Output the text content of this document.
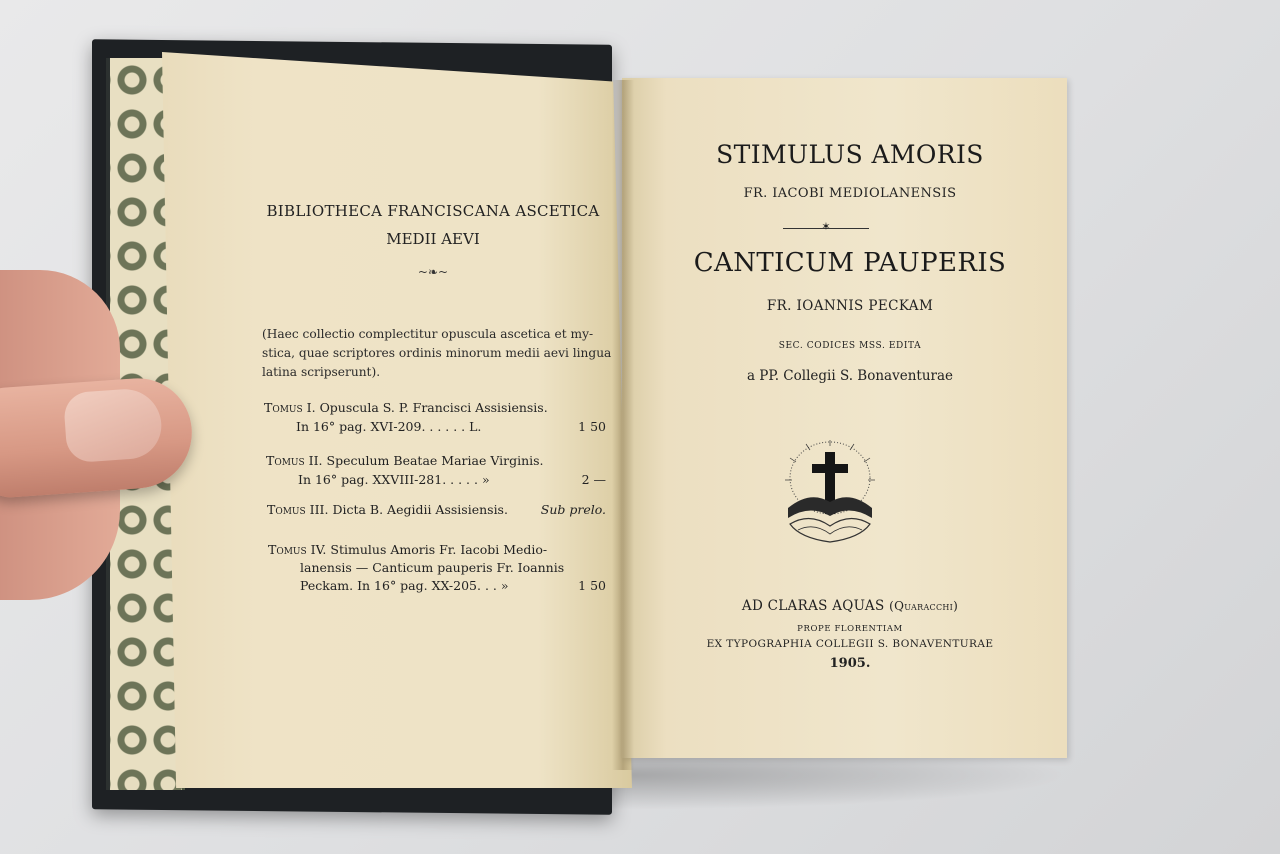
BIBLIOTHECA FRANCISCANA ASCETICA
MEDII AEVI
~❧~
(Haec collectio complectitur opuscula ascetica et my-
stica, quae scriptores ordinis minorum medii aevi lingua
latina scripserunt).
Tomus I. Opuscula S. P. Francisci Assisiensis.
In 16° pag. XVI-209. . . . . . L.	1 50
Tomus II. Speculum Beatae Mariae Virginis.
In 16° pag. XXVIII-281. . . . . »	2 —
Tomus III. Dicta B. Aegidii Assisiensis.	Sub prelo.
Tomus IV. Stimulus Amoris Fr. Iacobi Medio-
lanensis — Canticum pauperis Fr. Ioannis
Peckam. In 16° pag. XX-205. . . »	1 50
STIMULUS AMORIS
FR. IACOBI MEDIOLANENSIS
✶
CANTICUM PAUPERIS
FR. IOANNIS PECKAM
SEC. CODICES MSS. EDITA
a PP. Collegii S. Bonaventurae
AD CLARAS AQUAS (Quaracchi)
PROPE FLORENTIAM
EX TYPOGRAPHIA COLLEGII S. BONAVENTURAE
1905.
